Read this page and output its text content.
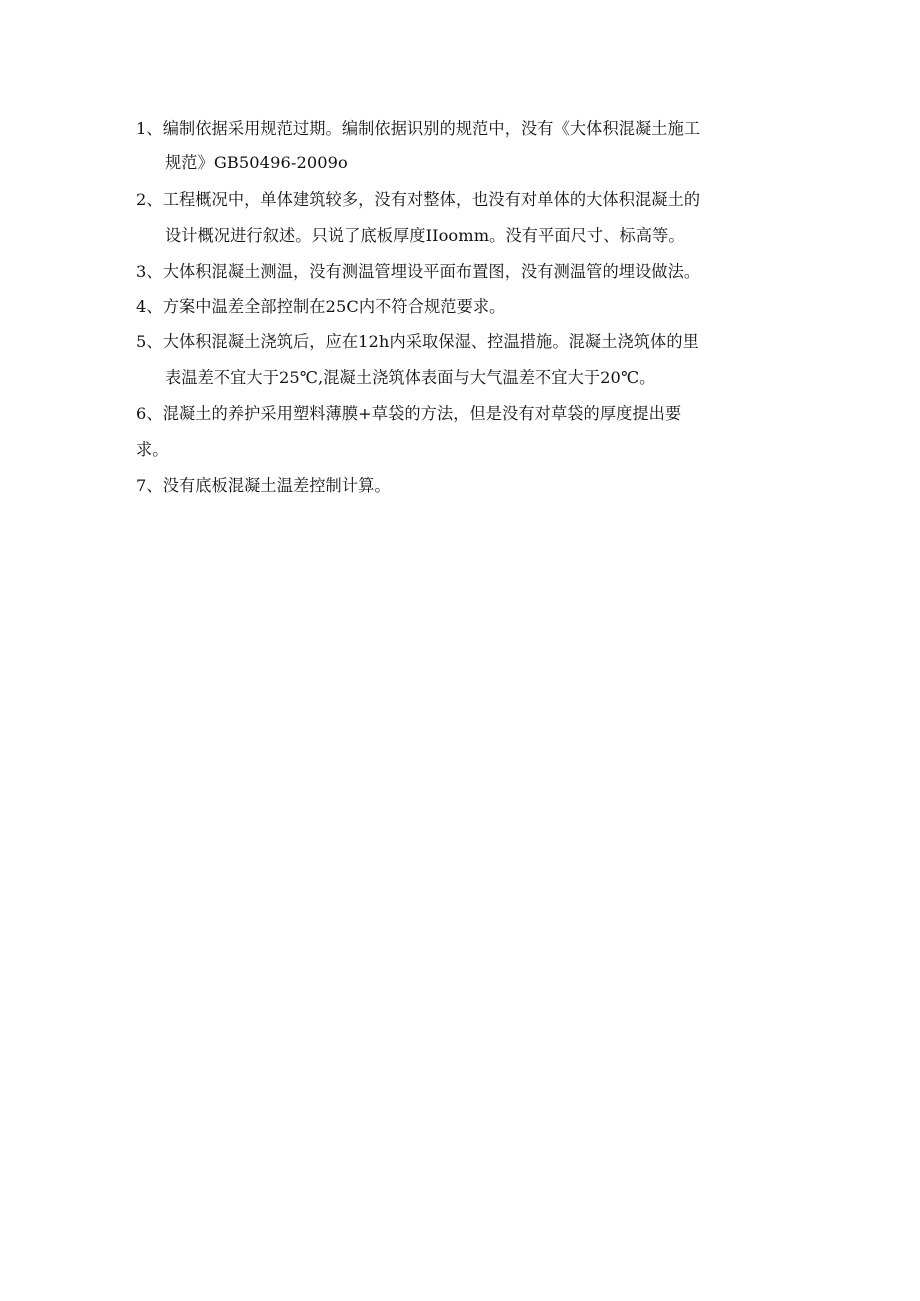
1、编制依据采用规范过期。编制依据识别的规范中，没有《大体积混凝土施工
规范》GB50496-2009o
2、工程概况中，单体建筑较多，没有对整体，也没有对单体的大体积混凝土的
设计概况进行叙述。只说了底板厚度IIoomm。没有平面尺寸、标高等。
3、大体积混凝土测温，没有测温管埋设平面布置图，没有测温管的埋设做法。
4、方案中温差全部控制在25C内不符合规范要求。
5、大体积混凝土浇筑后，应在12h内采取保湿、控温措施。混凝土浇筑体的里
表温差不宜大于25℃,混凝土浇筑体表面与大气温差不宜大于20℃。
6、混凝土的养护采用塑料薄膜+草袋的方法，但是没有对草袋的厚度提出要
求。
7、没有底板混凝土温差控制计算。
